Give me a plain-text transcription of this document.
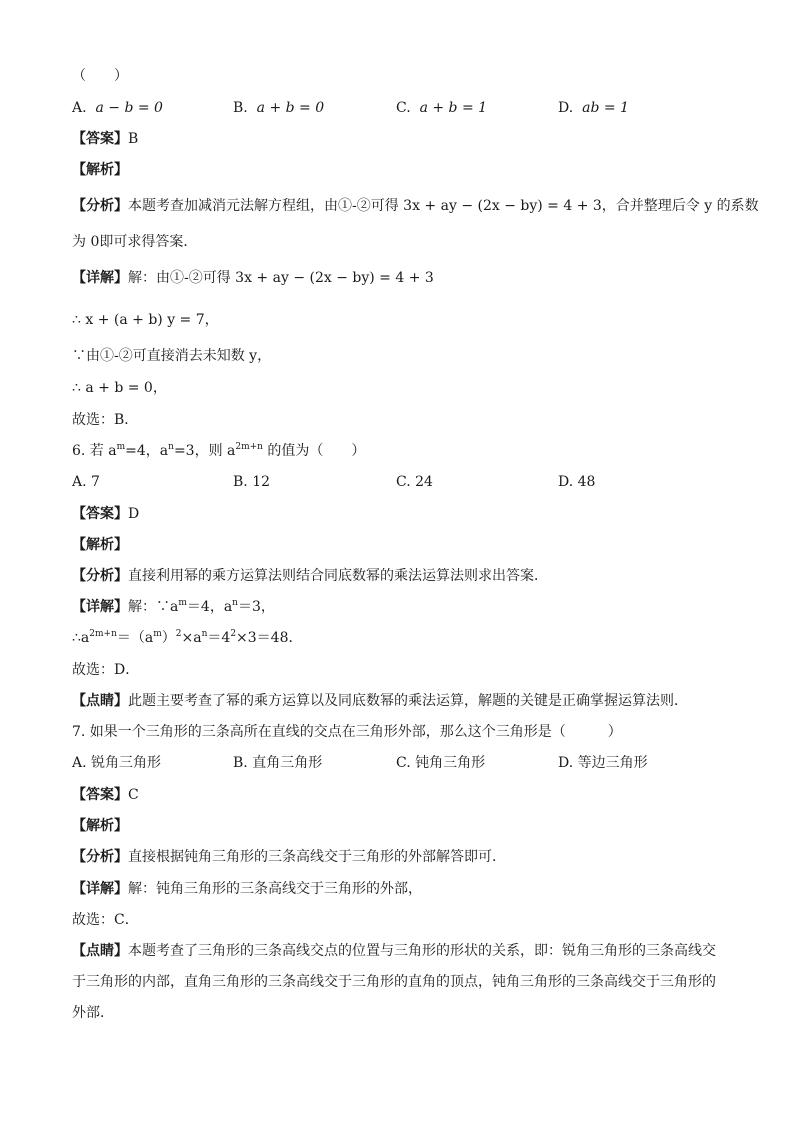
（　　）
A. a − b = 0	B. a + b = 0	C. a + b = 1	D. ab = 1
【答案】B
【解析】
【分析】本题考查加减消元法解方程组，由①-②可得 3x + ay − (2x − by) = 4 + 3，合并整理后令 y 的系数
为 0即可求得答案．
【详解】解：由①-②可得 3x + ay − (2x − by) = 4 + 3
∴ x + (a + b) y = 7，
∵由①-②可直接消去未知数 y，
∴ a + b = 0，
故选：B．
6. 若 $a^m=4$，$a^n=3$，则 $a^{2m+n}$ 的值为（　　）
A. 7	B. 12	C. 24	D. 48
【答案】D
【解析】
【分析】直接利用幂的乘方运算法则结合同底数幂的乘法运算法则求出答案．
【详解】解：$\because a^m=4$，$a^n=3$，
$\therefore a^{2m+n}=(a^m)^2\times a^n=4^2\times 3=48$．
故选：D．
【点睛】此题主要考查了幂的乘方运算以及同底数幂的乘法运算，解题的关键是正确掌握运算法则．
7. 如果一个三角形的三条高所在直线的交点在三角形外部，那么这个三角形是（　　　）
A. 锐角三角形	B. 直角三角形	C. 钝角三角形	D. 等边三角形
【答案】C
【解析】
【分析】直接根据钝角三角形的三条高线交于三角形的外部解答即可．
【详解】解：钝角三角形的三条高线交于三角形的外部，
故选：C．
【点睛】本题考查了三角形的三条高线交点的位置与三角形的形状的关系，即：锐角三角形的三条高线交
于三角形的内部，直角三角形的三条高线交于三角形的直角的顶点，钝角三角形的三条高线交于三角形的
外部．
